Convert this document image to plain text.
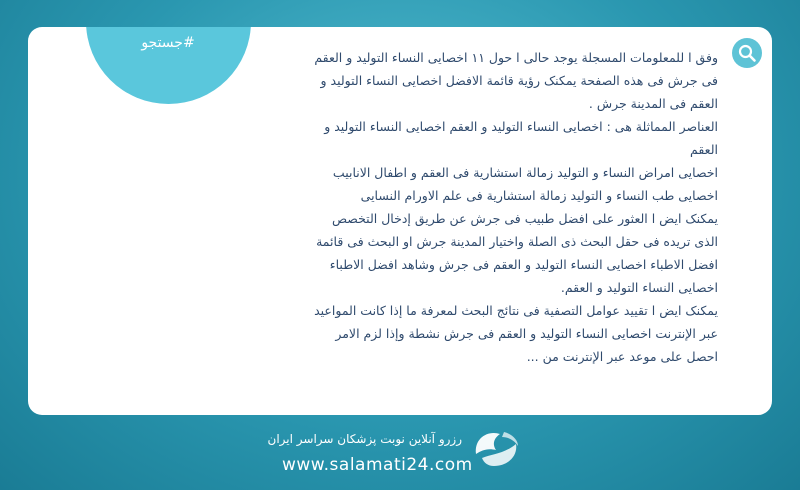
#جستجو

وفق ا للمعلومات المسجلة يوجد حالی ا حول ۱۱ اخصایی النساء التولید و العقم فی جرش فی هذه الصفحة یمکنک رؤیة قائمة الافضل اخصایی النساء التولید و العقم فی المدینة جرش .

العناصر المماثلة هی : اخصایی النساء التولید و العقم اخصایی النساء التولید و العقم

اخصایی امراض النساء و التولید زمالة استشاریة فی العقم و اطفال الانابیب

اخصایی طب النساء و التولید زمالة استشاریة فی علم الاورام النسایی

یمکنک ایض ا العثور علی افضل طبیب فی جرش عن طریق إدخال التخصص الذی تریده فی حقل البحث ذی الصلة واختیار المدینة جرش او البحث فی قائمة افضل الاطباء اخصایی النساء التولید و العقم فی جرش وشاهد افضل الاطباء اخصایی النساء التولید و العقم.

یمکنک ایض ا تقیید عوامل التصفیة فی نتائج البحث لمعرفة ما إذا کانت المواعید عبر الإنترنت اخصایی النساء التولید و العقم فی جرش نشطة وإذا لزم الامر احصل علی موعد عبر الإنترنت من ...

رزرو آنلاین نوبت پزشکان سراسر ایران
www.salamati24.com
